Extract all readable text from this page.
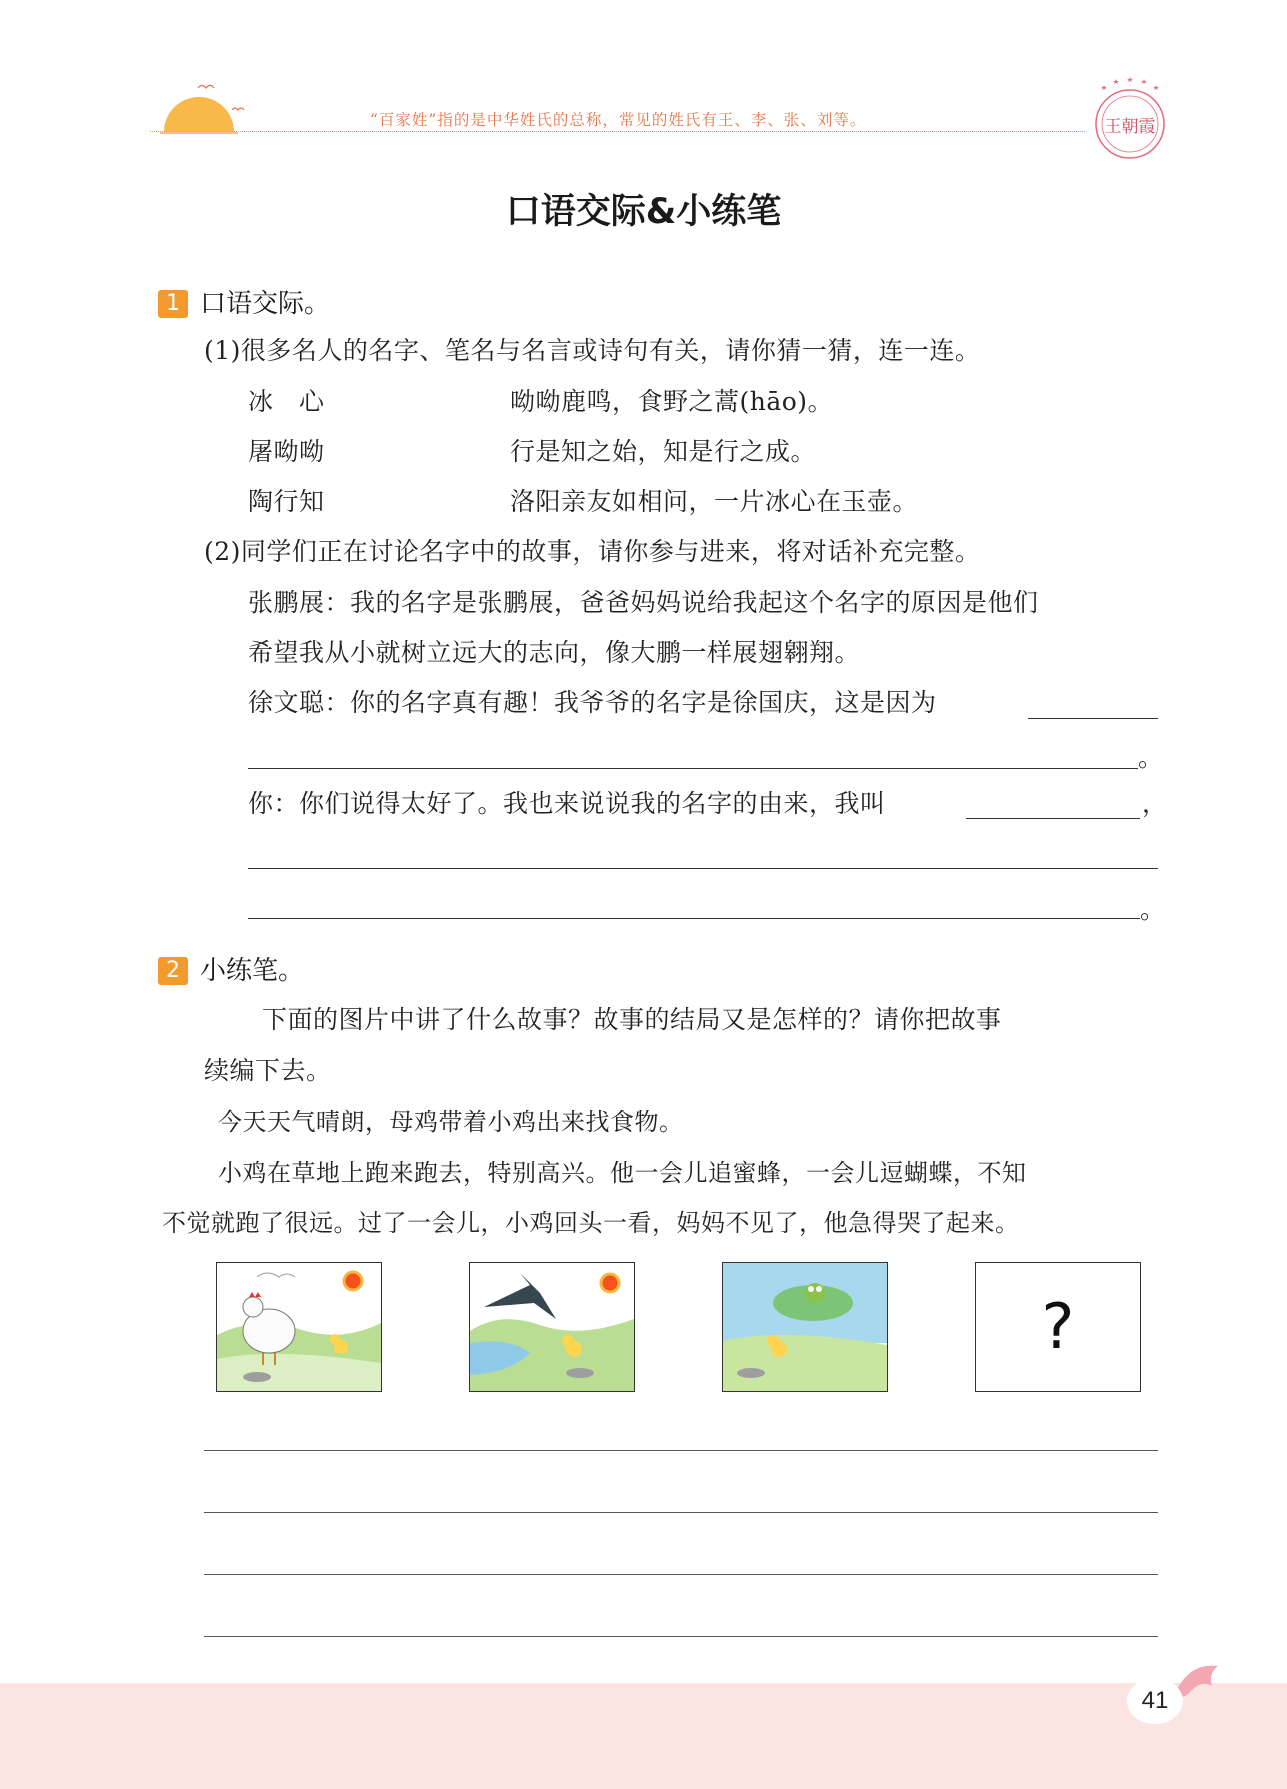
“百家姓”指的是中华姓氏的总称，常见的姓氏有王、李、张、刘等。	王朝霞
口语交际&小练笔
1 口语交际。
(1)很多名人的名字、笔名与名言或诗句有关，请你猜一猜，连一连。
冰　心	呦呦鹿鸣，食野之蒿(hāo)。
屠呦呦	行是知之始，知是行之成。
陶行知	洛阳亲友如相问，一片冰心在玉壶。
(2)同学们正在讨论名字中的故事，请你参与进来，将对话补充完整。
张鹏展：我的名字是张鹏展，爸爸妈妈说给我起这个名字的原因是他们
希望我从小就树立远大的志向，像大鹏一样展翅翱翔。
徐文聪：你的名字真有趣！我爷爷的名字是徐国庆，这是因为
。
你：你们说得太好了。我也来说说我的名字的由来，我叫	，
。
2 小练笔。
下面的图片中讲了什么故事？故事的结局又是怎样的？请你把故事
续编下去。
今天天气晴朗，母鸡带着小鸡出来找食物。
小鸡在草地上跑来跑去，特别高兴。他一会儿追蜜蜂，一会儿逗蝴蝶，不知
不觉就跑了很远。过了一会儿，小鸡回头一看，妈妈不见了，他急得哭了起来。
?
41
